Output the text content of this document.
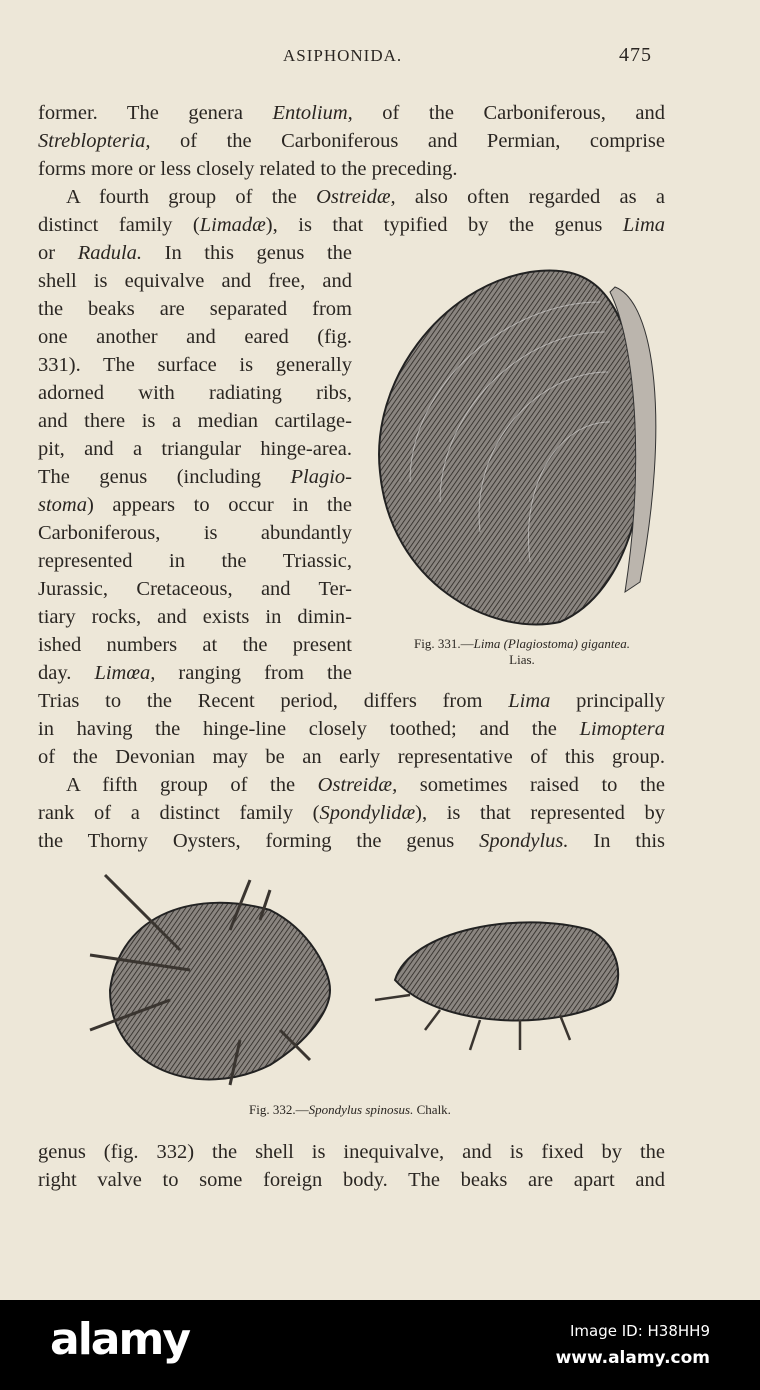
ASIPHONIDA.	475
former. The genera Entolium, of the Carboniferous, and
Streblopteria, of the Carboniferous and Permian, comprise
forms more or less closely related to the preceding.
A fourth group of the Ostreidæ, also often regarded as a
distinct family (Limadæ), is that typified by the genus Lima
or Radula. In this genus the
shell is equivalve and free, and
the beaks are separated from
one another and eared (fig.
331). The surface is generally
adorned with radiating ribs,
and there is a median cartilage-
pit, and a triangular hinge-area.
The genus (including Plagio-
stoma) appears to occur in the
Carboniferous, is abundantly
represented in the Triassic,
Jurassic, Cretaceous, and Ter-
tiary rocks, and exists in dimin-
ished numbers at the present
day. Limœa, ranging from the
Trias to the Recent period, differs from Lima principally
in having the hinge-line closely toothed; and the Limoptera
of the Devonian may be an early representative of this group.
A fifth group of the Ostreidæ, sometimes raised to the
rank of a distinct family (Spondylidæ), is that represented by
the Thorny Oysters, forming the genus Spondylus. In this
genus (fig. 332) the shell is inequivalve, and is fixed by the
right valve to some foreign body. The beaks are apart and
Fig. 331.—Lima (Plagiostoma) gigantea.
Lias.
Fig. 332.—Spondylus spinosus. Chalk.
alamy	Image ID: H38HH9
www.alamy.com
